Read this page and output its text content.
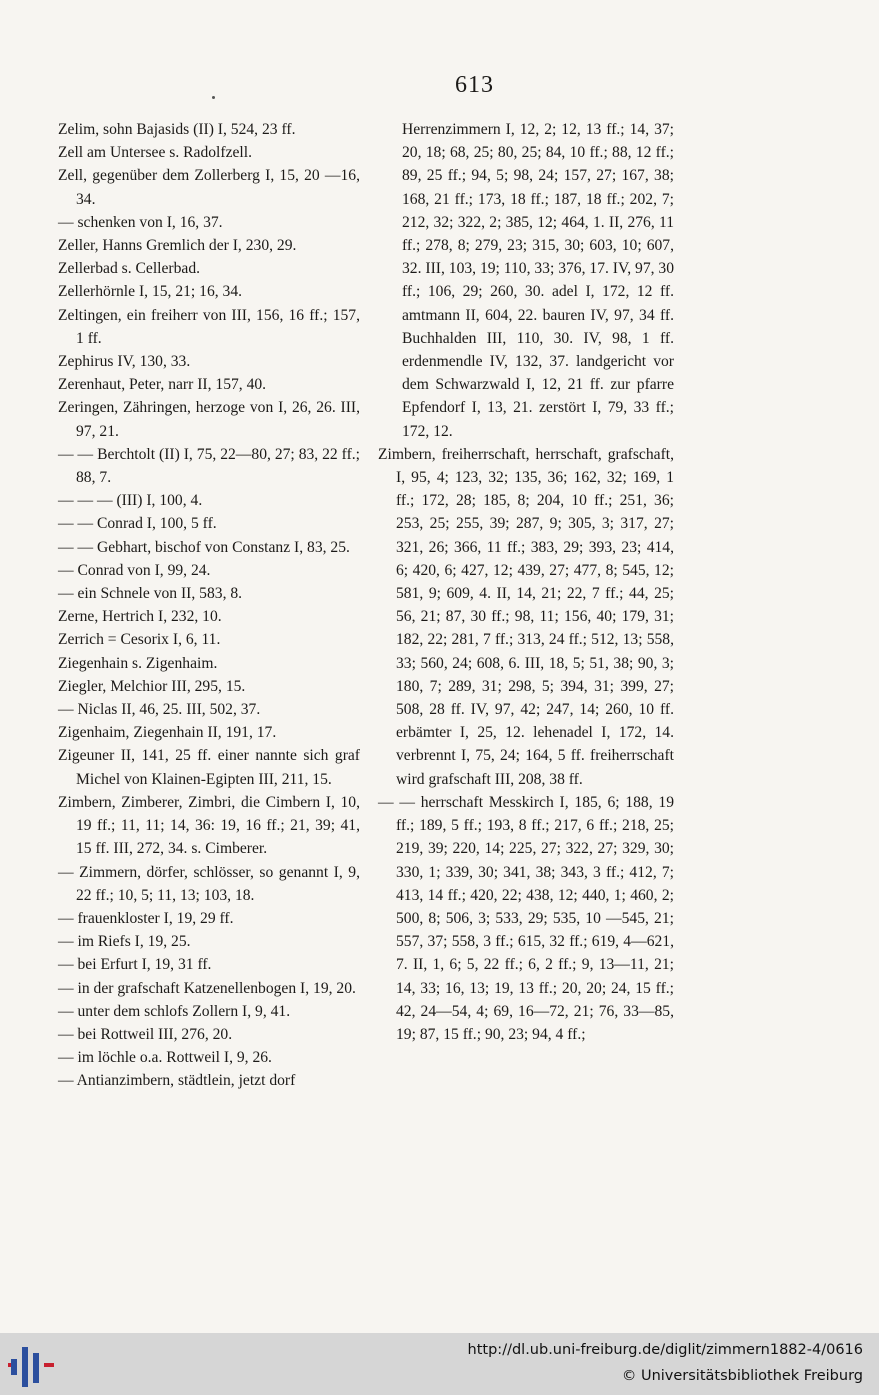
613

Zelim, sohn Bajasids (II) I, 524, 23 ff.

Zell am Untersee s. Radolfzell.

Zell, gegenüber dem Zollerberg I, 15, 20 —16, 34.

— schenken von I, 16, 37.

Zeller, Hanns Gremlich der I, 230, 29.

Zellerbad s. Cellerbad.

Zellerhörnle I, 15, 21; 16, 34.

Zeltingen, ein freiherr von III, 156, 16 ff.; 157, 1 ff.

Zephirus IV, 130, 33.

Zerenhaut, Peter, narr II, 157, 40.

Zeringen, Zähringen, herzoge von I, 26, 26. III, 97, 21.

— — Berchtolt (II) I, 75, 22—80, 27; 83, 22 ff.; 88, 7.

— — — (III) I, 100, 4.

— — Conrad I, 100, 5 ff.

— — Gebhart, bischof von Constanz I, 83, 25.

— Conrad von I, 99, 24.

— ein Schnele von II, 583, 8.

Zerne, Hertrich I, 232, 10.

Zerrich = Cesorix I, 6, 11.

Ziegenhain s. Zigenhaim.

Ziegler, Melchior III, 295, 15.

— Niclas II, 46, 25. III, 502, 37.

Zigenhaim, Ziegenhain II, 191, 17.

Zigeuner II, 141, 25 ff. einer nannte sich graf Michel von Klainen-Egipten III, 211, 15.

Zimbern, Zimberer, Zimbri, die Cimbern I, 10, 19 ff.; 11, 11; 14, 36: 19, 16 ff.; 21, 39; 41, 15 ff. III, 272, 34. s. Cimberer.

— Zimmern, dörfer, schlösser, so genannt I, 9, 22 ff.; 10, 5; 11, 13; 103, 18.

— frauenkloster I, 19, 29 ff.

— im Riefs I, 19, 25.

— bei Erfurt I, 19, 31 ff.

— in der grafschaft Katzenellenbogen I, 19, 20.

— unter dem schlofs Zollern I, 9, 41.

— bei Rottweil III, 276, 20.

— im löchle o.a. Rottweil I, 9, 26.

— Antianzimbern, städtlein, jetzt dorf

Herrenzimmern I, 12, 2; 12, 13 ff.; 14, 37; 20, 18; 68, 25; 80, 25; 84, 10 ff.; 88, 12 ff.; 89, 25 ff.; 94, 5; 98, 24; 157, 27; 167, 38; 168, 21 ff.; 173, 18 ff.; 187, 18 ff.; 202, 7; 212, 32; 322, 2; 385, 12; 464, 1. II, 276, 11 ff.; 278, 8; 279, 23; 315, 30; 603, 10; 607, 32. III, 103, 19; 110, 33; 376, 17. IV, 97, 30 ff.; 106, 29; 260, 30. adel I, 172, 12 ff. amtmann II, 604, 22. bauren IV, 97, 34 ff. Buchhalden III, 110, 30. IV, 98, 1 ff. erdenmendle IV, 132, 37. landgericht vor dem Schwarzwald I, 12, 21 ff. zur pfarre Epfendorf I, 13, 21. zerstört I, 79, 33 ff.; 172, 12.

Zimbern, freiherrschaft, herrschaft, grafschaft, I, 95, 4; 123, 32; 135, 36; 162, 32; 169, 1 ff.; 172, 28; 185, 8; 204, 10 ff.; 251, 36; 253, 25; 255, 39; 287, 9; 305, 3; 317, 27; 321, 26; 366, 11 ff.; 383, 29; 393, 23; 414, 6; 420, 6; 427, 12; 439, 27; 477, 8; 545, 12; 581, 9; 609, 4. II, 14, 21; 22, 7 ff.; 44, 25; 56, 21; 87, 30 ff.; 98, 11; 156, 40; 179, 31; 182, 22; 281, 7 ff.; 313, 24 ff.; 512, 13; 558, 33; 560, 24; 608, 6. III, 18, 5; 51, 38; 90, 3; 180, 7; 289, 31; 298, 5; 394, 31; 399, 27; 508, 28 ff. IV, 97, 42; 247, 14; 260, 10 ff. erbämter I, 25, 12. lehenadel I, 172, 14. verbrennt I, 75, 24; 164, 5 ff. freiherrschaft wird grafschaft III, 208, 38 ff.

— — herrschaft Messkirch I, 185, 6; 188, 19 ff.; 189, 5 ff.; 193, 8 ff.; 217, 6 ff.; 218, 25; 219, 39; 220, 14; 225, 27; 322, 27; 329, 30; 330, 1; 339, 30; 341, 38; 343, 3 ff.; 412, 7; 413, 14 ff.; 420, 22; 438, 12; 440, 1; 460, 2; 500, 8; 506, 3; 533, 29; 535, 10 —545, 21; 557, 37; 558, 3 ff.; 615, 32 ff.; 619, 4—621, 7. II, 1, 6; 5, 22 ff.; 6, 2 ff.; 9, 13—11, 21; 14, 33; 16, 13; 19, 13 ff.; 20, 20; 24, 15 ff.; 42, 24—54, 4; 69, 16—72, 21; 76, 33—85, 19; 87, 15 ff.; 90, 23; 94, 4 ff.;

http://dl.ub.uni-freiburg.de/diglit/zimmern1882-4/0616
© Universitätsbibliothek Freiburg
